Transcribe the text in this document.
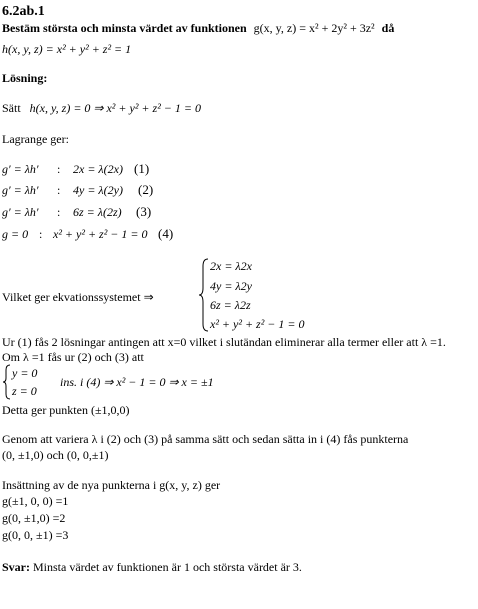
6.2ab.1
Bestäm största och minsta värdet av funktionen g(x, y, z) = x² + 2y² + 3z² då
h(x, y, z) = x² + y² + z² = 1
Lösning:
Sätt h(x, y, z) = 0 ⇒ x² + y² + z² − 1 = 0
Lagrange ger:
g′ = λh′ : 2x = λ(2x) (1)
g′ = λh′ : 4y = λ(2y) (2)
g′ = λh′ : 6z = λ(2z) (3)
g = 0 : x² + y² + z² − 1 = 0 (4)
Vilket ger ekvationssystemet ⇒
2x = λ2x
4y = λ2y
6z = λ2z
x² + y² + z² − 1 = 0
Ur (1) fås 2 lösningar antingen att x=0 vilket i slutändan eliminerar alla termer eller att λ =1.
Om λ =1 fås ur (2) och (3) att
y = 0
z = 0
ins. i (4) ⇒ x² − 1 = 0 ⇒ x = ±1
Detta ger punkten (±1,0,0)
Genom att variera λ i (2) och (3) på samma sätt och sedan sätta in i (4) fås punkterna
(0, ±1,0) och (0, 0,±1)
Insättning av de nya punkterna i g(x, y, z) ger
g(±1, 0, 0) =1
g(0, ±1,0) =2
g(0, 0, ±1) =3
Svar: Minsta värdet av funktionen är 1 och största värdet är 3.
